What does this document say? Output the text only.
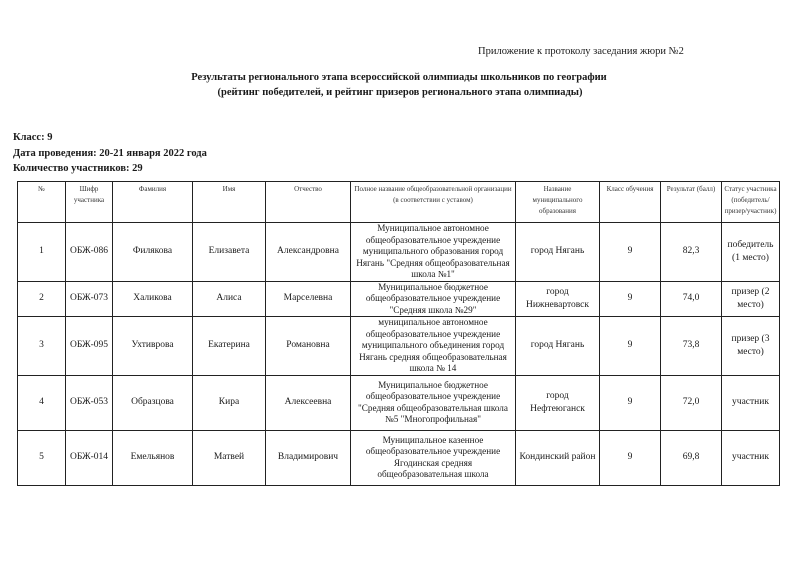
Приложение к протоколу заседания жюри №2
Результаты регионального этапа всероссийской олимпиады школьников по географии
(рейтинг победителей, и рейтинг призеров регионального этапа олимпиады)
Класс: 9
Дата проведения: 20-21 января 2022 года
Количество участников: 29
№	Шифр участника	Фамилия	Имя	Отчество	Полное название общеобразовательной организации (в соответствии с уставом)	Название муниципального образования	Класс обучения	Результат (балл)	Статус участника (победитель/призер/участник)
1	ОБЖ-086	Филякова	Елизавета	Александровна	Муниципальное автономное общеобразовательное учреждение муниципального образования город Нягань "Средняя общеобразовательная школа №1"	город Нягань	9	82,3	победитель (1 место)
2	ОБЖ-073	Халикова	Алиса	Марселевна	Муниципальное бюджетное общеобразовательное учреждение "Средняя школа №29"	город Нижневартовск	9	74,0	призер (2 место)
3	ОБЖ-095	Ухтиврова	Екатерина	Романовна	муниципальное автономное общеобразовательное учреждение муниципального объединения город Нягань средняя общеобразовательная школа № 14	город Нягань	9	73,8	призер (3 место)
4	ОБЖ-053	Образцова	Кира	Алексеевна	Муниципальное бюджетное общеобразовательное учреждение "Средняя общеобразовательная школа №5 "Многопрофильная"	город Нефтеюганск	9	72,0	участник
5	ОБЖ-014	Емельянов	Матвей	Владимирович	Муниципальное казенное общеобразовательное учреждение Ягодинская средняя общеобразовательная школа	Кондинский район	9	69,8	участник
